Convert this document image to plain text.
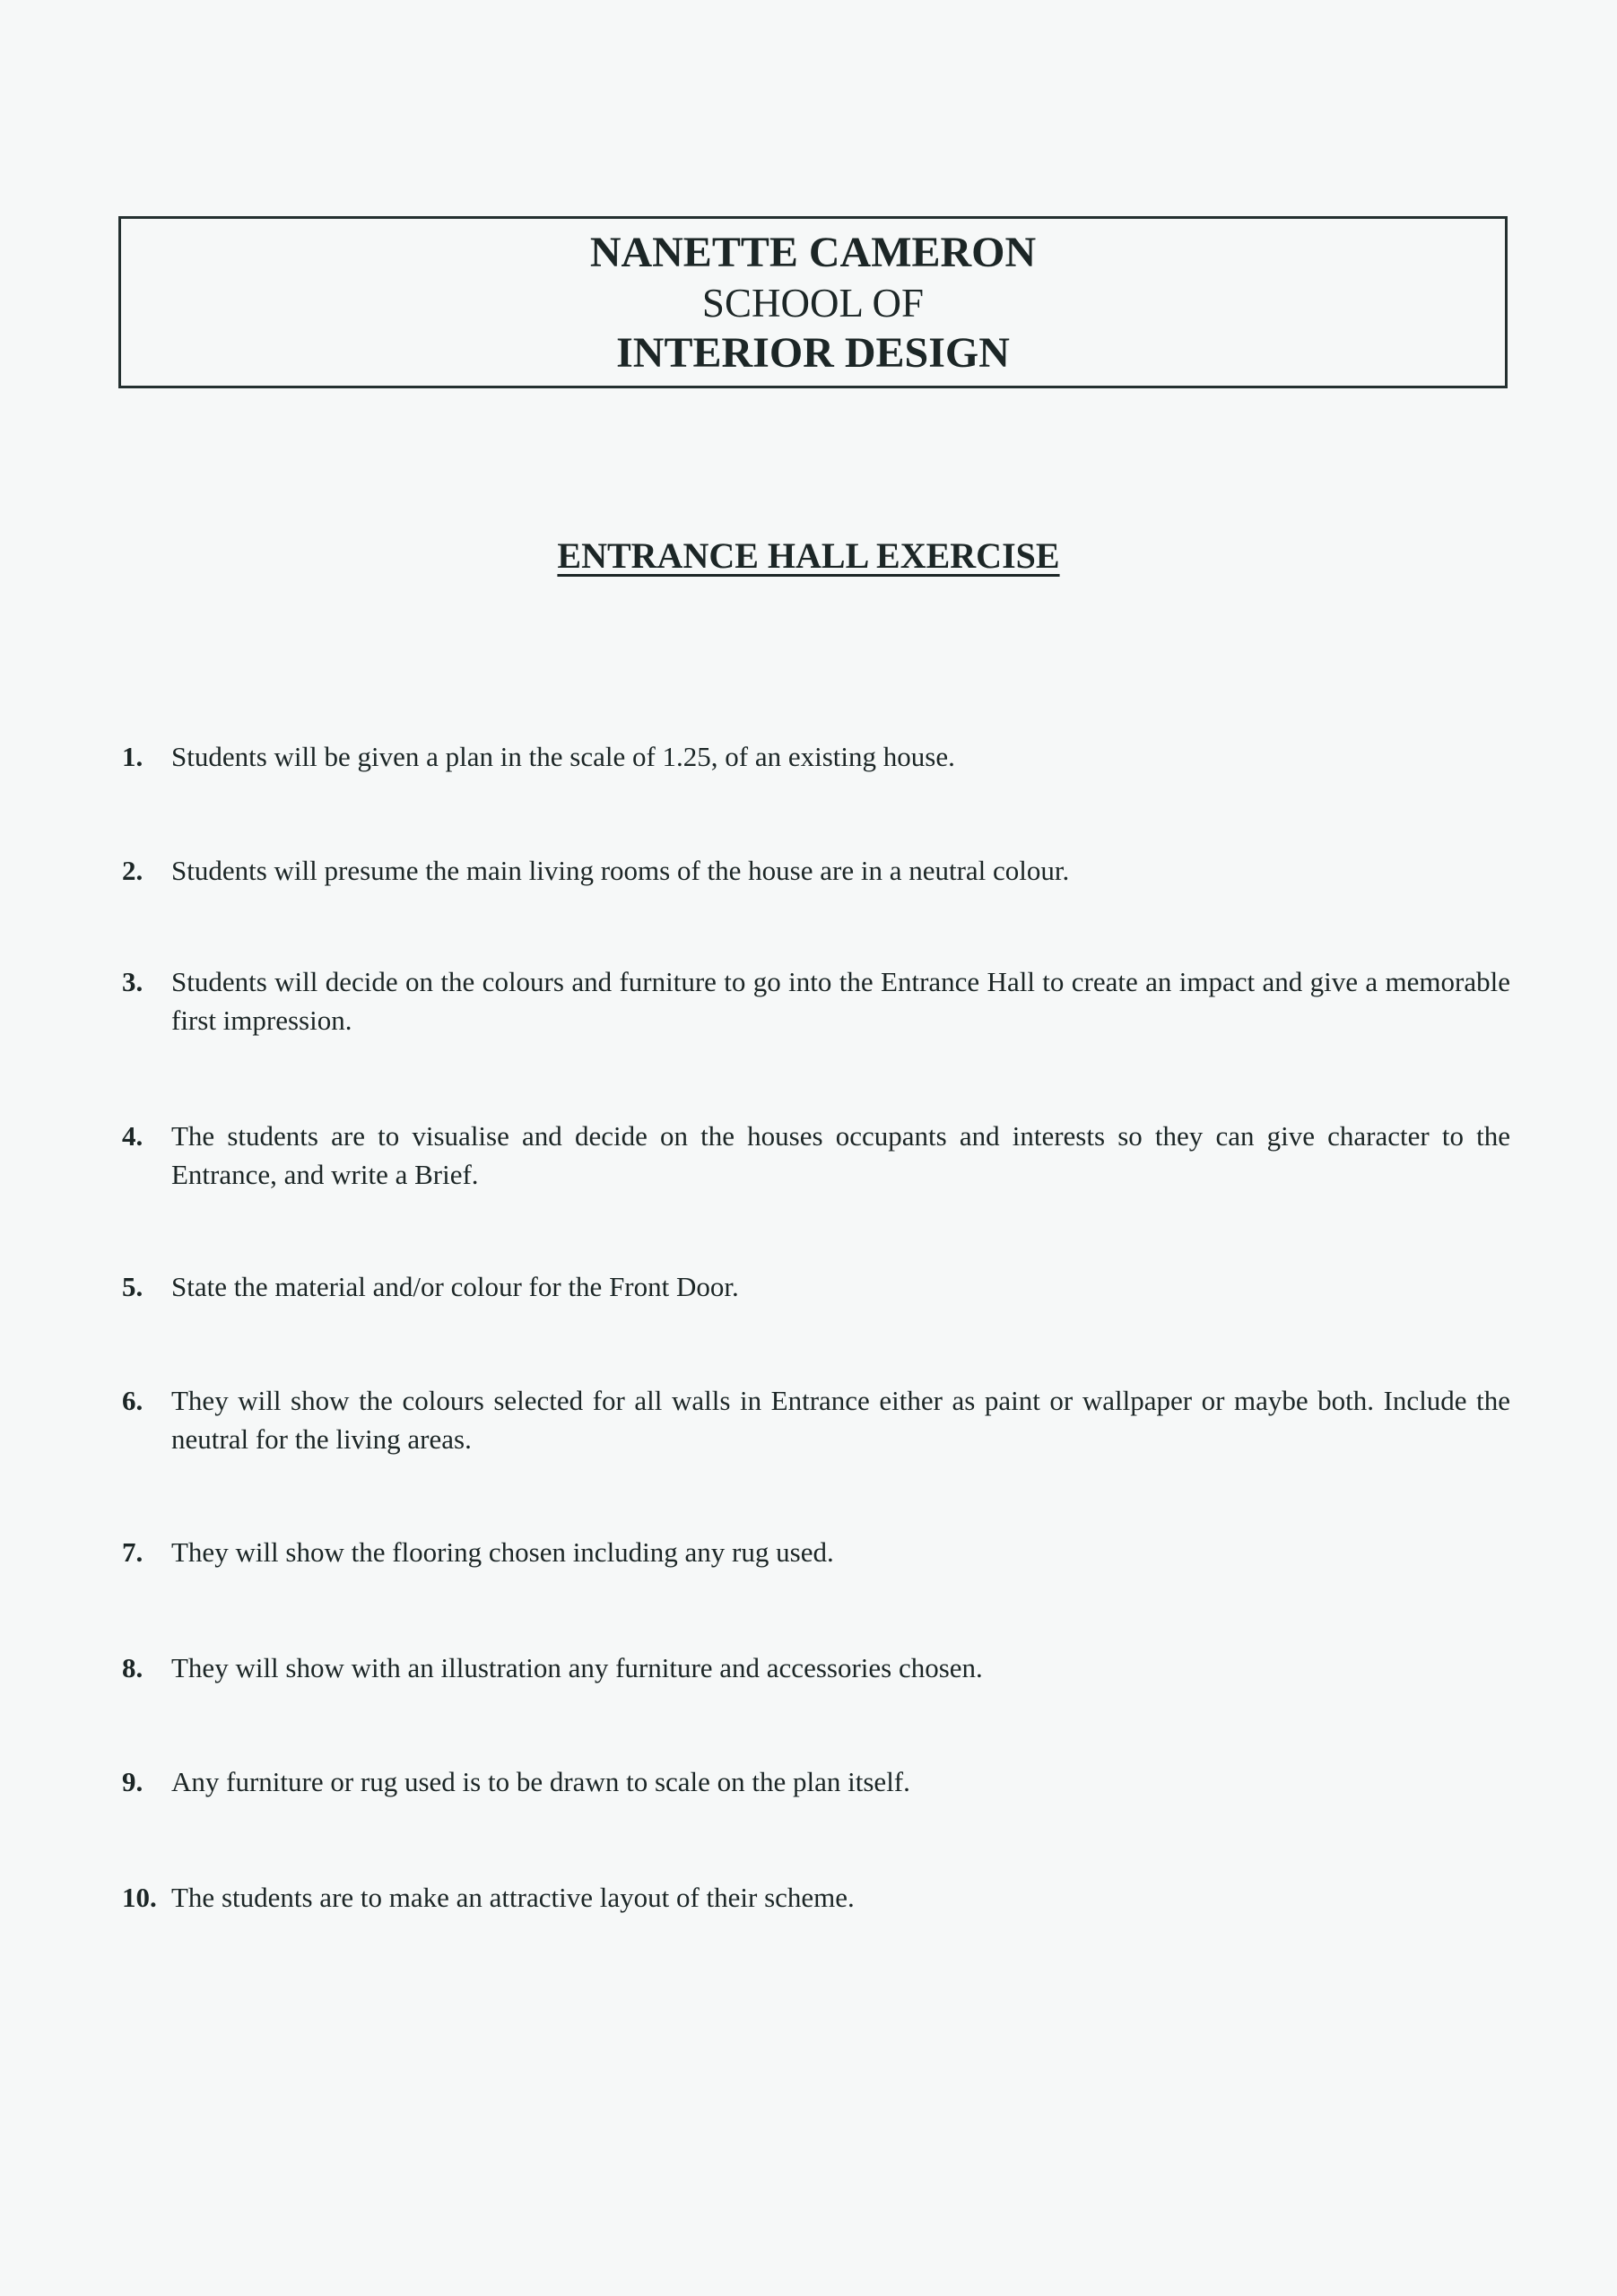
NANETTE CAMERON
SCHOOL OF
INTERIOR DESIGN
ENTRANCE HALL EXERCISE
1. Students will be given a plan in the scale of 1.25, of an existing house.
2. Students will presume the main living rooms of the house are in a neutral colour.
3. Students will decide on the colours and furniture to go into the Entrance Hall to create an impact and give a memorable first impression.
4. The students are to visualise and decide on the houses occupants and interests so they can give character to the Entrance, and write a Brief.
5. State the material and/or colour for the Front Door.
6. They will show the colours selected for all walls in Entrance either as paint or wallpaper or maybe both. Include the neutral for the living areas.
7. They will show the flooring chosen including any rug used.
8. They will show with an illustration any furniture and accessories chosen.
9. Any furniture or rug used is to be drawn to scale on the plan itself.
10. The students are to make an attractive layout of their scheme.
